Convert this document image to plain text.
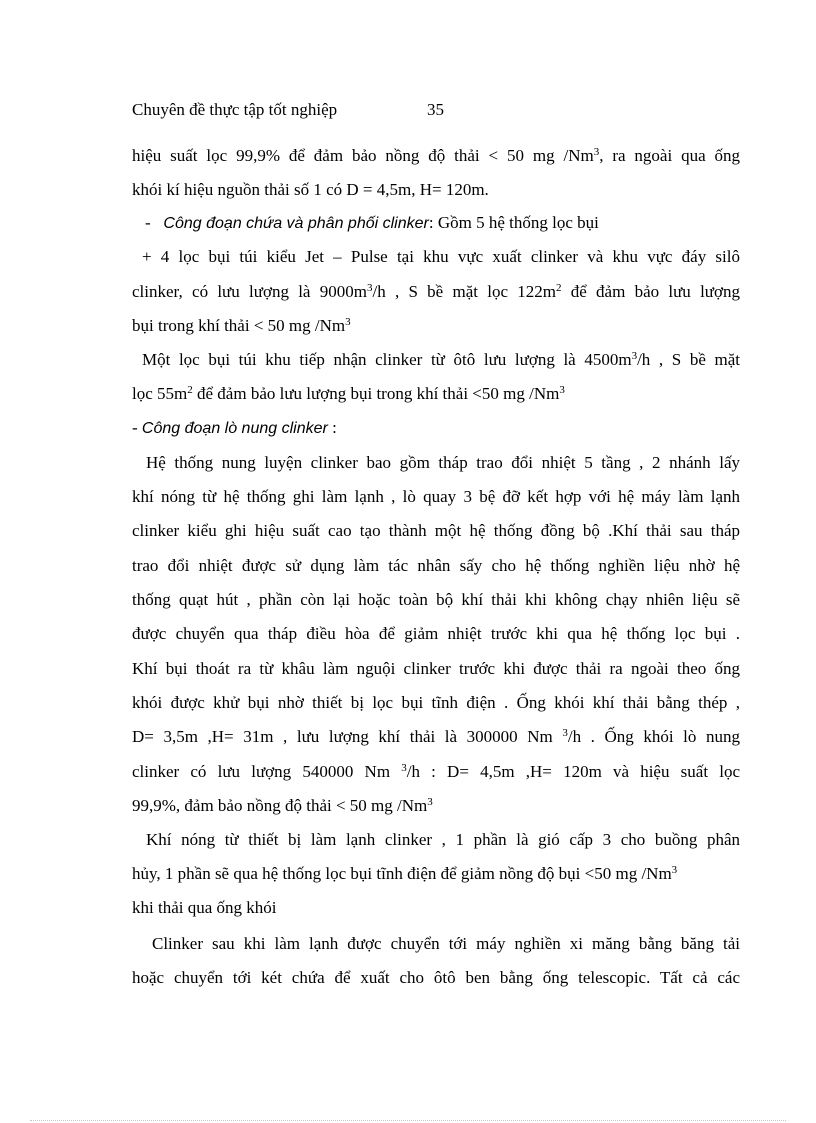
Chuyên đề thực tập tốt nghiệp	35
hiệu suất lọc 99,9% để đảm bảo nồng độ thải < 50 mg /Nm$^3$, ra ngoài qua ống
khói kí hiệu nguồn thải số 1 có D = 4,5m, H= 120m.
- Công đoạn chứa và phân phối clinker: Gồm 5 hệ thống lọc bụi
+ 4 lọc bụi túi kiểu Jet – Pulse tại khu vực xuất clinker và khu vực đáy silô
clinker, có lưu lượng là $9000m^3/h$ , S bề mặt lọc $122m^2$ để đảm bảo lưu lượng
bụi trong khí thải < 50 mg /Nm$^3$
Một lọc bụi túi khu tiếp nhận clinker từ ôtô lưu lượng là $4500m^3/h$ , S bề mặt
lọc $55m^2$ để đảm bảo lưu lượng bụi trong khí thải <50 mg /Nm$^3$
- Công đoạn lò nung clinker :
Hệ thống nung luyện clinker bao gồm tháp trao đổi nhiệt 5 tầng , 2 nhánh lấy
khí nóng từ hệ thống ghi làm lạnh , lò quay 3 bệ đỡ kết hợp với hệ máy làm lạnh
clinker kiểu ghi hiệu suất cao tạo thành một hệ thống đồng bộ .Khí thải sau tháp
trao đổi nhiệt được sử dụng làm tác nhân sấy cho hệ thống nghiền liệu nhờ hệ
thống quạt hút , phần còn lại hoặc toàn bộ khí thải khi không chạy nhiên liệu sẽ
được chuyển qua tháp điều hòa để giảm nhiệt trước khi qua hệ thống lọc bụi .
Khí bụi thoát ra từ khâu làm nguội clinker trước khi được thải ra ngoài theo ống
khói được khử bụi nhờ thiết bị lọc bụi tĩnh điện . Ống khói khí thải bằng thép ,
D= 3,5m ,H= 31m , lưu lượng khí thải là 300000 Nm $^3$/h . Ống khói lò nung
clinker có lưu lượng 540000 Nm $^3$/h : D= 4,5m ,H= 120m và hiệu suất lọc
99,9%, đảm bảo nồng độ thải < 50 mg /Nm$^3$
Khí nóng từ thiết bị làm lạnh clinker , 1 phần là gió cấp 3 cho buồng phân
hủy, 1 phần sẽ qua hệ thống lọc bụi tĩnh điện để giảm nồng độ bụi <50 mg /Nm$^3$
khi thải qua ống khói
Clinker sau khi làm lạnh được chuyển tới máy nghiền xi măng bằng băng tải
hoặc chuyển tới két chứa để xuất cho ôtô ben bằng ống telescopic. Tất cả các
